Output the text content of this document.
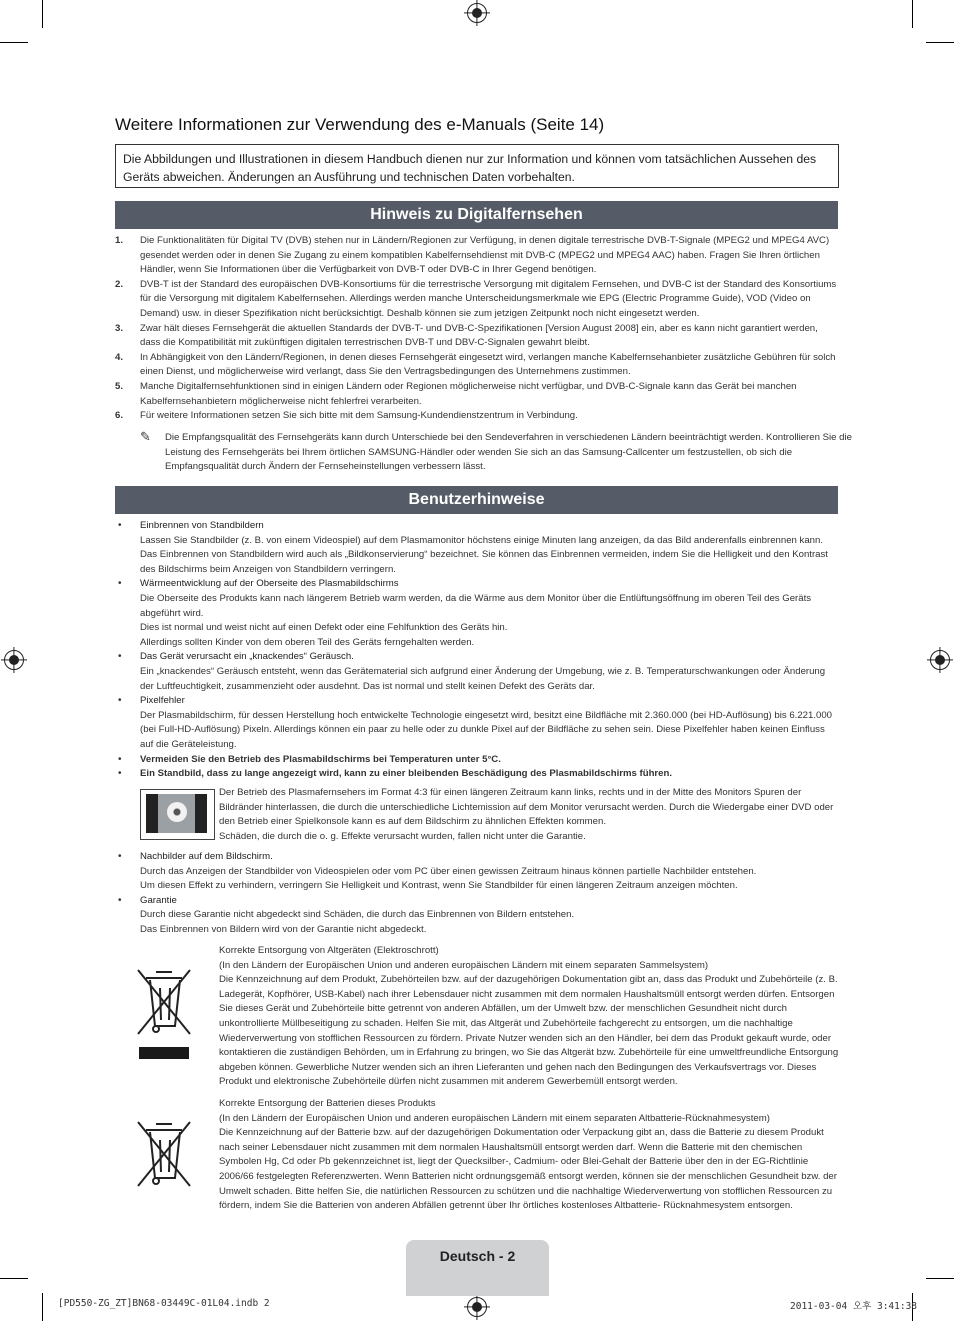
Weitere Informationen zur Verwendung des e-Manuals (Seite 14)
Die Abbildungen und Illustrationen in diesem Handbuch dienen nur zur Information und können vom tatsächlichen Aussehen des Geräts abweichen. Änderungen an Ausführung und technischen Daten vorbehalten.
Hinweis zu Digitalfernsehen
1. Die Funktionalitäten für Digital TV (DVB) stehen nur in Ländern/Regionen zur Verfügung, in denen digitale terrestrische DVB-T-Signale (MPEG2 und MPEG4 AVC) gesendet werden oder in denen Sie Zugang zu einem kompatiblen Kabelfernsehdienst mit DVB-C (MPEG2 und MPEG4 AAC) haben. Fragen Sie Ihren örtlichen Händler, wenn Sie Informationen über die Verfügbarkeit von DVB-T oder DVB-C in Ihrer Gegend benötigen.
2. DVB-T ist der Standard des europäischen DVB-Konsortiums für die terrestrische Versorgung mit digitalem Fernsehen, und DVB-C ist der Standard des Konsortiums für die Versorgung mit digitalem Kabelfernsehen. Allerdings werden manche Unterscheidungsmerkmale wie EPG (Electric Programme Guide), VOD (Video on Demand) usw. in dieser Spezifikation nicht berücksichtigt. Deshalb können sie zum jetzigen Zeitpunkt noch nicht eingesetzt werden.
3. Zwar hält dieses Fernsehgerät die aktuellen Standards der DVB-T- und DVB-C-Spezifikationen [Version August 2008] ein, aber es kann nicht garantiert werden, dass die Kompatibilität mit zukünftigen digitalen terrestrischen DVB-T und DBV-C-Signalen gewahrt bleibt.
4. In Abhängigkeit von den Ländern/Regionen, in denen dieses Fernsehgerät eingesetzt wird, verlangen manche Kabelfernsehanbieter zusätzliche Gebühren für solch einen Dienst, und möglicherweise wird verlangt, dass Sie den Vertragsbedingungen des Unternehmens zustimmen.
5. Manche Digitalfernsehfunktionen sind in einigen Ländern oder Regionen möglicherweise nicht verfügbar, und DVB-C-Signale kann das Gerät bei manchen Kabelfernsehanbietern möglicherweise nicht fehlerfrei verarbeiten.
6. Für weitere Informationen setzen Sie sich bitte mit dem Samsung-Kundendienstzentrum in Verbindung.
✎ Die Empfangsqualität des Fernsehgeräts kann durch Unterschiede bei den Sendeverfahren in verschiedenen Ländern beeinträchtigt werden. Kontrollieren Sie die Leistung des Fernsehgeräts bei Ihrem örtlichen SAMSUNG-Händler oder wenden Sie sich an das Samsung-Callcenter um festzustellen, ob sich die Empfangsqualität durch Ändern der Fernseheinstellungen verbessern lässt.
Benutzerhinweise
• Einbrennen von Standbildern
Lassen Sie Standbilder (z. B. von einem Videospiel) auf dem Plasmamonitor höchstens einige Minuten lang anzeigen, da das Bild anderenfalls einbrennen kann. Das Einbrennen von Standbildern wird auch als „Bildkonservierung“ bezeichnet. Sie können das Einbrennen vermeiden, indem Sie die Helligkeit und den Kontrast des Bildschirms beim Anzeigen von Standbildern verringern.
• Wärmeentwicklung auf der Oberseite des Plasmabildschirms
Die Oberseite des Produkts kann nach längerem Betrieb warm werden, da die Wärme aus dem Monitor über die Entlüftungsöffnung im oberen Teil des Geräts abgeführt wird.
Dies ist normal und weist nicht auf einen Defekt oder eine Fehlfunktion des Geräts hin.
Allerdings sollten Kinder von dem oberen Teil des Geräts ferngehalten werden.
• Das Gerät verursacht ein „knackendes“ Geräusch.
Ein „knackendes“ Geräusch entsteht, wenn das Gerätematerial sich aufgrund einer Änderung der Umgebung, wie z. B. Temperaturschwankungen oder Änderung der Luftfeuchtigkeit, zusammenzieht oder ausdehnt. Das ist normal und stellt keinen Defekt des Geräts dar.
• Pixelfehler
Der Plasmabildschirm, für dessen Herstellung hoch entwickelte Technologie eingesetzt wird, besitzt eine Bildfläche mit 2.360.000 (bei HD-Auflösung) bis 6.221.000 (bei Full-HD-Auflösung) Pixeln. Allerdings können ein paar zu helle oder zu dunkle Pixel auf der Bildfläche zu sehen sein. Diese Pixelfehler haben keinen Einfluss auf die Geräteleistung.
• Vermeiden Sie den Betrieb des Plasmabildschirms bei Temperaturen unter 5°C.
• Ein Standbild, dass zu lange angezeigt wird, kann zu einer bleibenden Beschädigung des Plasmabildschirms führen.
Der Betrieb des Plasmafernsehers im Format 4:3 für einen längeren Zeitraum kann links, rechts und in der Mitte des Monitors Spuren der Bildränder hinterlassen, die durch die unterschiedliche Lichtemission auf dem Monitor verursacht werden. Durch die Wiedergabe einer DVD oder den Betrieb einer Spielkonsole kann es auf dem Bildschirm zu ähnlichen Effekten kommen.
Schäden, die durch die o. g. Effekte verursacht wurden, fallen nicht unter die Garantie.
• Nachbilder auf dem Bildschirm.
Durch das Anzeigen der Standbilder von Videospielen oder vom PC über einen gewissen Zeitraum hinaus können partielle Nachbilder entstehen.
Um diesen Effekt zu verhindern, verringern Sie Helligkeit und Kontrast, wenn Sie Standbilder für einen längeren Zeitraum anzeigen möchten.
• Garantie
Durch diese Garantie nicht abgedeckt sind Schäden, die durch das Einbrennen von Bildern entstehen.
Das Einbrennen von Bildern wird von der Garantie nicht abgedeckt.
Korrekte Entsorgung von Altgeräten (Elektroschrott)
(In den Ländern der Europäischen Union und anderen europäischen Ländern mit einem separaten Sammelsystem)
Die Kennzeichnung auf dem Produkt, Zubehörteilen bzw. auf der dazugehörigen Dokumentation gibt an, dass das Produkt und Zubehörteile (z. B. Ladegerät, Kopfhörer, USB-Kabel) nach ihrer Lebensdauer nicht zusammen mit dem normalen Haushaltsmüll entsorgt werden dürfen. Entsorgen Sie dieses Gerät und Zubehörteile bitte getrennt von anderen Abfällen, um der Umwelt bzw. der menschlichen Gesundheit nicht durch unkontrollierte Müllbeseitigung zu schaden. Helfen Sie mit, das Altgerät und Zubehörteile fachgerecht zu entsorgen, um die nachhaltige Wiederverwertung von stofflichen Ressourcen zu fördern. Private Nutzer wenden sich an den Händler, bei dem das Produkt gekauft wurde, oder kontaktieren die zuständigen Behörden, um in Erfahrung zu bringen, wo Sie das Altgerät bzw. Zubehörteile für eine umweltfreundliche Entsorgung abgeben können. Gewerbliche Nutzer wenden sich an ihren Lieferanten und gehen nach den Bedingungen des Verkaufsvertrags vor. Dieses Produkt und elektronische Zubehörteile dürfen nicht zusammen mit anderem Gewerbemüll entsorgt werden.
Korrekte Entsorgung der Batterien dieses Produkts
(In den Ländern der Europäischen Union und anderen europäischen Ländern mit einem separaten Altbatterie-Rücknahmesystem)
Die Kennzeichnung auf der Batterie bzw. auf der dazugehörigen Dokumentation oder Verpackung gibt an, dass die Batterie zu diesem Produkt nach seiner Lebensdauer nicht zusammen mit dem normalen Haushaltsmüll entsorgt werden darf. Wenn die Batterie mit den chemischen Symbolen Hg, Cd oder Pb gekennzeichnet ist, liegt der Quecksilber-, Cadmium- oder Blei-Gehalt der Batterie über den in der EG-Richtlinie 2006/66 festgelegten Referenzwerten. Wenn Batterien nicht ordnungsgemäß entsorgt werden, können sie der menschlichen Gesundheit bzw. der Umwelt schaden. Bitte helfen Sie, die natürlichen Ressourcen zu schützen und die nachhaltige Wiederverwertung von stofflichen Ressourcen zu fördern, indem Sie die Batterien von anderen Abfällen getrennt über Ihr örtliches kostenloses Altbatterie- Rücknahmesystem entsorgen.
Deutsch - 2
[PD550-ZG_ZT]BN68-03449C-01L04.indb 2	2011-03-04 오후 3:41:38
